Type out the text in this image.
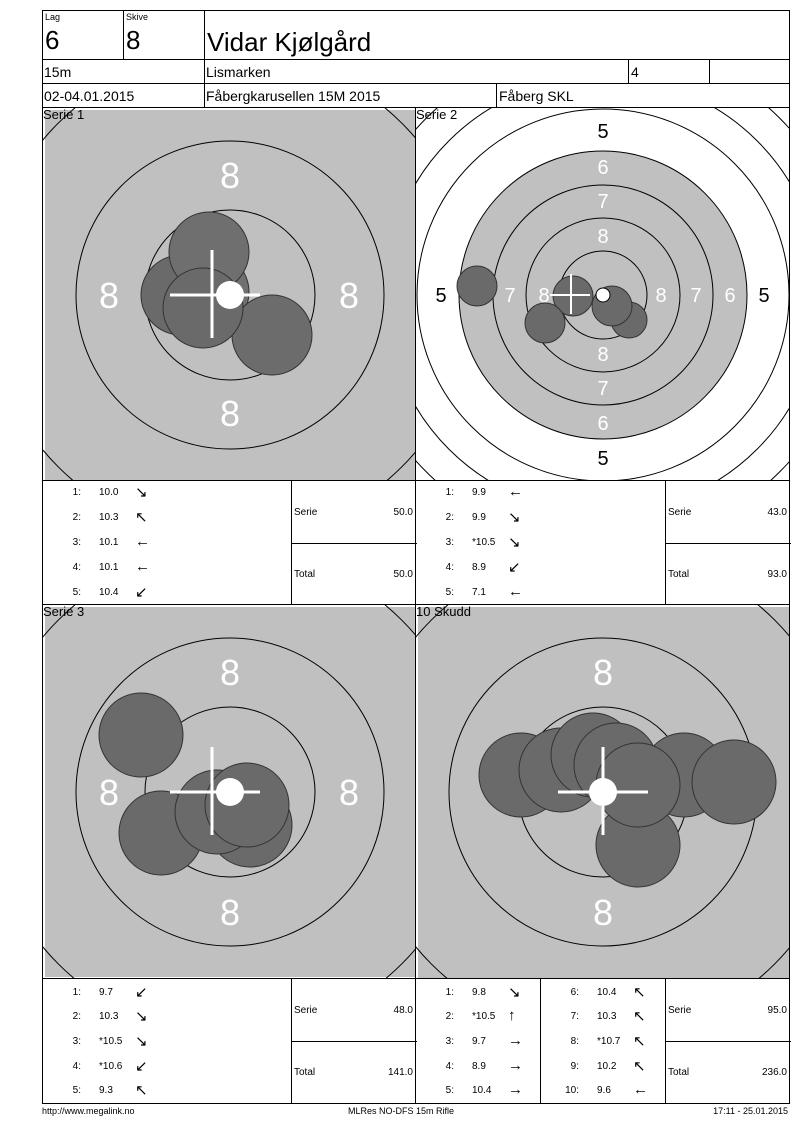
Lag
6
Skive
8	Vidar Kjølgård
15m	Lismarken	4
02-04.01.2015	Fåbergkarusellen 15M 2015	Fåberg SKL
Serie 1
8
8
8	8
Serie 2
5
5
5	5
6
6
6
7
7
7	7
8
8
8	8
1: 10.0 ↘
2: 10.3 ↖
3: 10.1 ←
4: 10.1 ←
5: 10.4 ↙
Serie	50.0
Total	50.0
1: 9.9 ←
2: 9.9 ↘
3: *10.5 ↘
4: 8.9 ↙
5: 7.1 ←
Serie	43.0
Total	93.0
Serie 3
8
8
8	8
10 Skudd
8
8
1: 9.7 ↙
2: 10.3 ↘
3: *10.5 ↘
4: *10.6 ↙
5: 9.3 ↖
Serie	48.0
Total	141.0
1: 9.8 ↘
2: *10.5 ↑
3: 9.7 →
4: 8.9 →
5: 10.4 →
6: 10.4 ↖
7: 10.3 ↖
8: *10.7 ↖
9: 10.2 ↖
10: 9.6 ←
Serie	95.0
Total	236.0
http://www.megalink.no	MLRes NO-DFS 15m Rifle	17:11 - 25.01.2015
